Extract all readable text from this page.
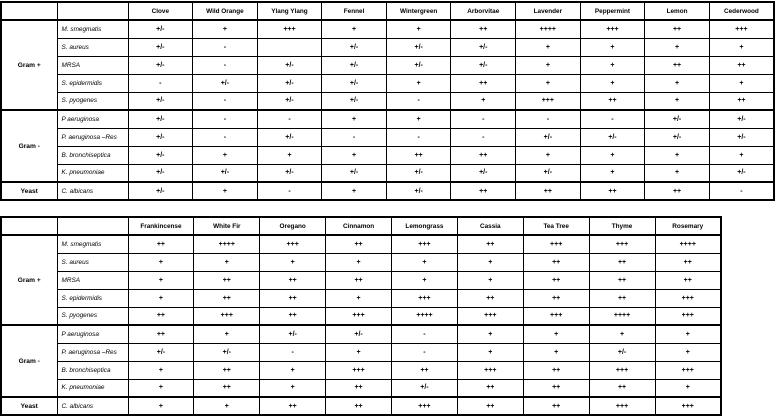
		Clove	Wild Orange	Ylang Ylang	Fennel	Wintergreen	Arborvitae	Lavender	Peppermint	Lemon	Cederwood
Gram +	M. smegmatis	+/-	+	+++	+	+	++	++++	+++	++	+++
	S. aureus	+/-	-		+/-	+/-	+/-	+	+	+	+
	MRSA	+/-	-	+/-	+/-	+/-	+/-	+	+	++	++
	S. epidermidis	-	+/-	+/-	+/-	+	++	+	+	+	+
	S. pyogenes	+/-	-	+/-	+/-	-	+	+++	++	+	++
Gram -	P aeruginosa	+/-	-	-	+	+	-	-	-	+/-	+/-
	P. aeruginosa –Res	+/-	-	+/-	-	-	-	+/-	+/-	+/-	+/-
	B. bronchiseptica	+/-	+	+	+	++	++	+	+	+	+
	K. pneumoniae	+/-	+/-	+/-	+/-	+/-	+/-	+/-	+	+	+/-
Yeast	C. albicans	+/-	+	-	+	+/-	++	++	++	++	-
		Frankincense	White Fir	Oregano	Cinnamon	Lemongrass	Cassia	Tea Tree	Thyme	Rosemary
Gram +	M. smegmatis	++	++++	+++	++	+++	++	+++	+++	++++
	S. aureus	+	+	+	+	+	+	++	++	++
	MRSA	+	++	++	++	+	+	++	++	++
	S. epidermidis	+	++	++	+	+++	++	++	++	+++
	S. pyogenes	++	+++	++	+++	++++	+++	+++	++++	+++
Gram -	P aeruginosa	++	+	+/-	+/-	-	+	+	+	+
	P. aeruginosa –Res	+/-	+/-	-	+	-	+	+	+/-	+
	B. bronchiseptica	+	++	+	+++	++	+++	++	+++	+++
	K. pneumoniae	+	++	+	++	+/-	++	++	++	+
Yeast	C. albicans	+	+	++	++	+++	++	++	+++	+++
